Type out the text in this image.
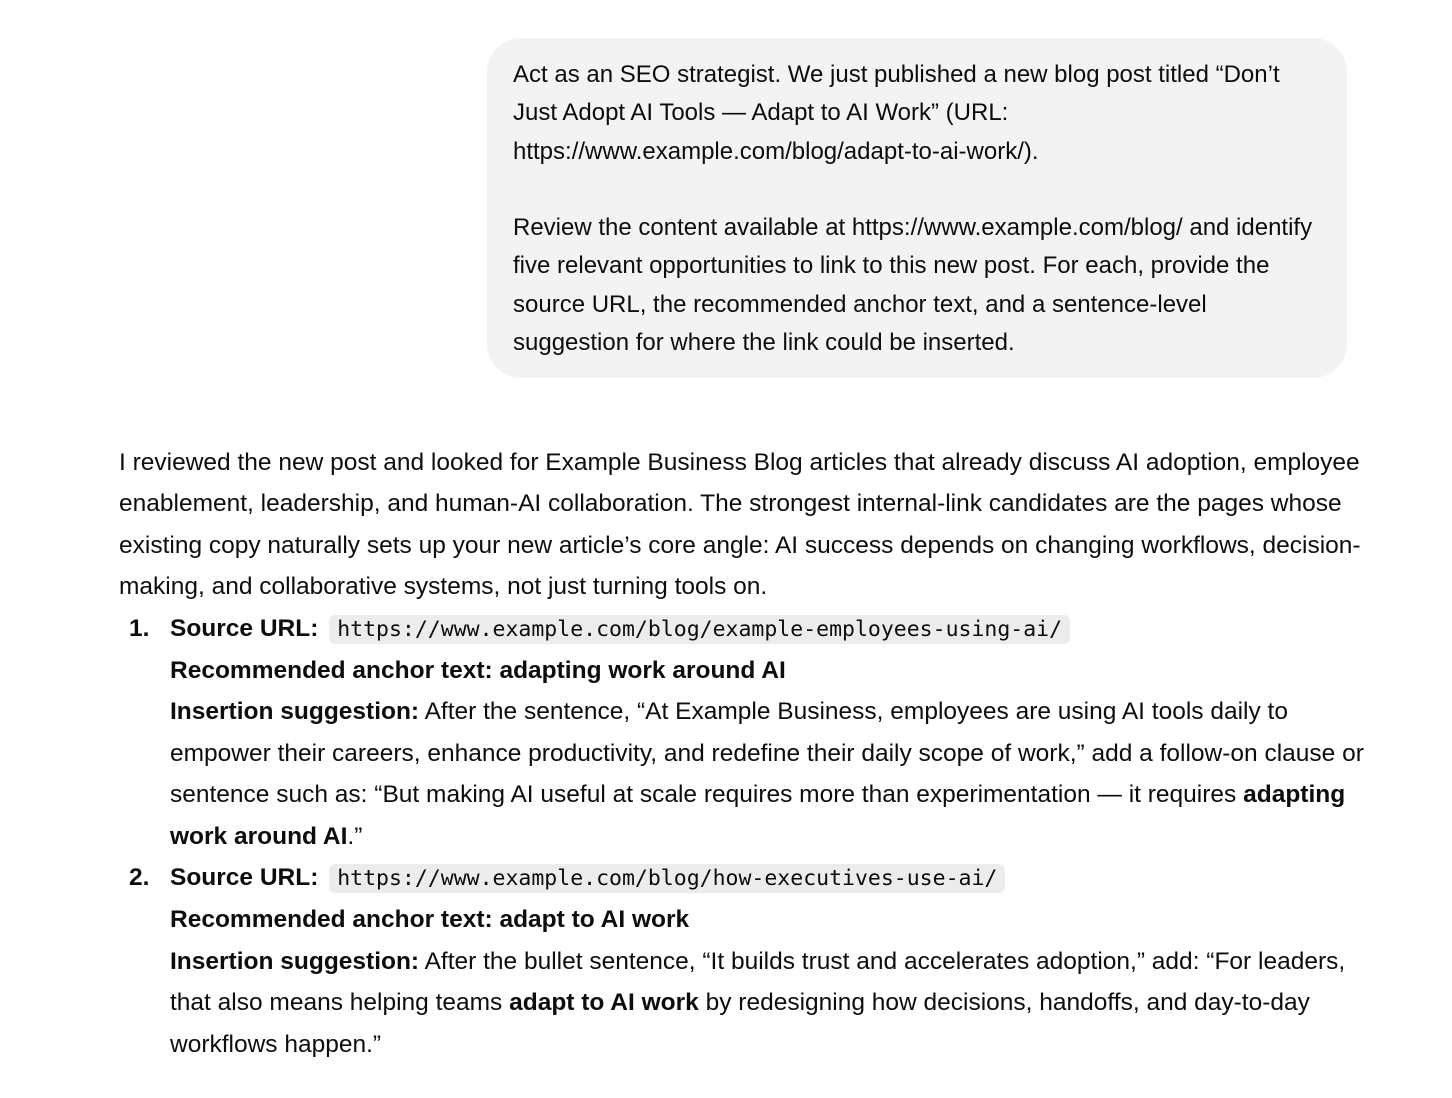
Act as an SEO strategist. We just published a new blog post titled “Don’t Just Adopt AI Tools — Adapt to AI Work” (URL: https://www.example.com/blog/adapt-to-ai-work/).

Review the content available at https://www.example.com/blog/ and identify five relevant opportunities to link to this new post. For each, provide the source URL, the recommended anchor text, and a sentence-level suggestion for where the link could be inserted.

I reviewed the new post and looked for Example Business Blog articles that already discuss AI adoption, employee enablement, leadership, and human-AI collaboration. The strongest internal-link candidates are the pages whose existing copy naturally sets up your new article’s core angle: AI success depends on changing workflows, decision-making, and collaborative systems, not just turning tools on.

1. Source URL: https://www.example.com/blog/example-employees-using-ai/
Recommended anchor text: adapting work around AI
Insertion suggestion: After the sentence, “At Example Business, employees are using AI tools daily to empower their careers, enhance productivity, and redefine their daily scope of work,” add a follow-on clause or sentence such as: “But making AI useful at scale requires more than experimentation — it requires adapting work around AI.”
2. Source URL: https://www.example.com/blog/how-executives-use-ai/
Recommended anchor text: adapt to AI work
Insertion suggestion: After the bullet sentence, “It builds trust and accelerates adoption,” add: “For leaders, that also means helping teams adapt to AI work by redesigning how decisions, handoffs, and day-to-day workflows happen.”
